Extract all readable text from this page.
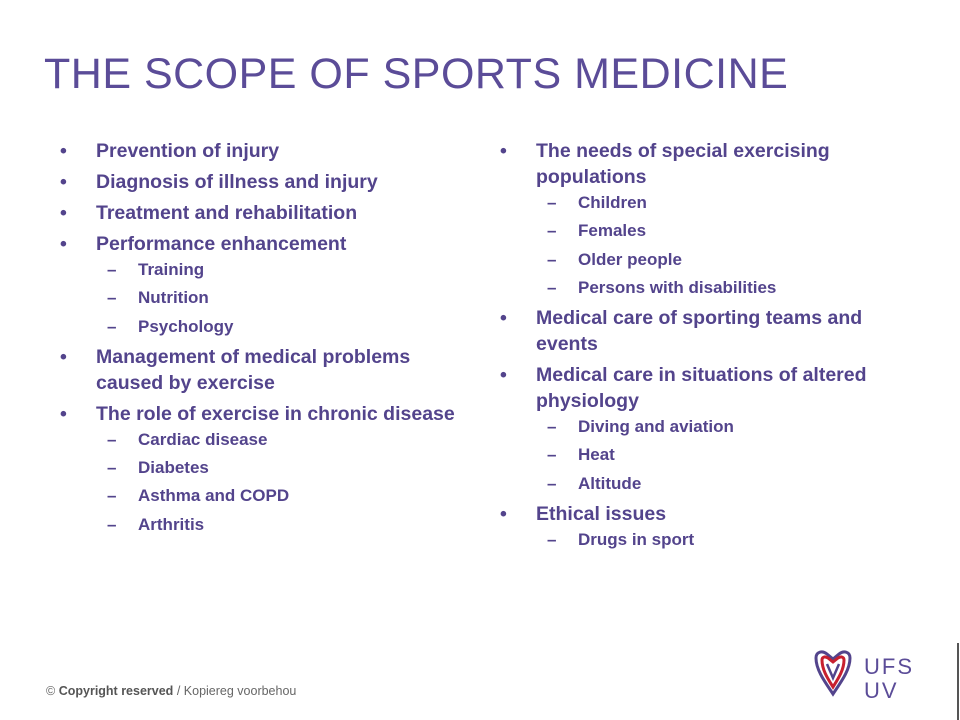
THE SCOPE OF SPORTS MEDICINE
• Prevention of injury
• Diagnosis of illness and injury
• Treatment and rehabilitation
• Performance enhancement
– Training
– Nutrition
– Psychology
• Management of medical problems caused by exercise
• The role of exercise in chronic disease
– Cardiac disease
– Diabetes
– Asthma and COPD
– Arthritis
• The needs of special exercising populations
– Children
– Females
– Older people
– Persons with disabilities
• Medical care of sporting teams and events
• Medical care in situations of altered physiology
– Diving and aviation
– Heat
– Altitude
• Ethical issues
– Drugs in sport
© Copyright reserved / Kopiereg voorbehou
UFS
UV
